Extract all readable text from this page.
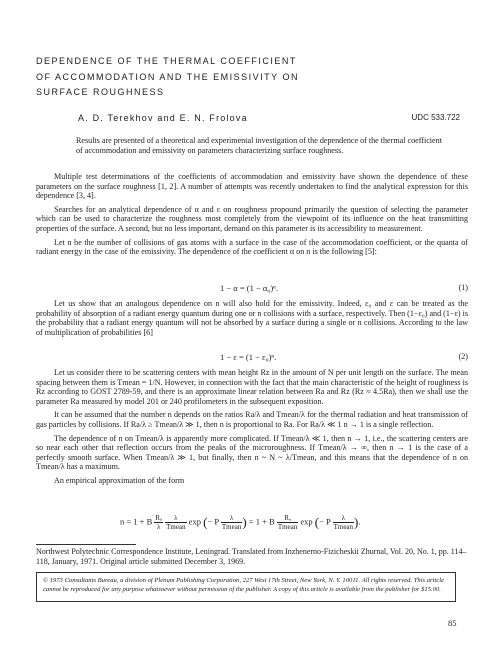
DEPENDENCE OF THE THERMAL COEFFICIENT
OF ACCOMMODATION AND THE EMISSIVITY ON
SURFACE ROUGHNESS
A. D. Terekhov and E. N. Frolova	UDC 533.722
Results are presented of a theoretical and experimental investigation of the dependence of the thermal coefficient of accommodation and emissivity on parameters characterizing surface roughness.

Multiple test determinations of the coefficients of accommodation and emissivity have shown the dependence of these parameters on the surface roughness [1, 2]. A number of attempts was recently undertaken to find the analytical expression for this dependence [3, 4].

Searches for an analytical dependence of α and ε on roughness propound primarily the question of selecting the parameter which can be used to characterize the roughness most completely from the viewpoint of its influence on the heat transmitting properties of the surface. A second, but no less important, demand on this parameter is its accessibility to measurement.

Let n be the number of collisions of gas atoms with a surface in the case of the accommodation coefficient, or the quanta of radiant energy in the case of the emissivity. The dependence of the coefficient α on n is the following [5]:

1 − α = (1 − α₀)ⁿ.	(1)

Let us show that an analogous dependence on n will also hold for the emissivity. Indeed, ε₀ and ε can be treated as the probability of absorption of a radiant energy quantum during one or n collisions with a surface, respectively. Then (1−ε₀) and (1−ε) is the probability that a radiant energy quantum will not be absorbed by a surface during a single or n collisions. According to the law of multiplication of probabilities [6]

1 − ε = (1 − ε₀)ⁿ.	(2)

Let us consider there to be scattering centers with mean height Rz in the amount of N per unit length on the surface. The mean spacing between them is Tmean = 1/N. However, in connection with the fact that the main characteristic of the height of roughness is Rz according to GOST 2789-59, and there is an approximate linear relation between Ra and Rz (Rz ≈ 4.5Ra), then we shall use the parameter Ra measured by model 201 or 240 profilometers in the subsequent exposition.

It can be assumed that the number n depends on the ratios Ra/λ and Tmean/λ for the thermal radiation and heat transmission of gas particles by collisions. If Ra/λ ≥ Tmean/λ ≫ 1, then n is proportional to Ra. For Ra/λ ≪ 1 n → 1 is a single reflection.

The dependence of n on Tmean/λ is apparently more complicated. If Tmean/λ ≪ 1, then n → 1, i.e., the scattering centers are so near each other that reflection occurs from the peaks of the microroughness. If Tmean/λ → ∞, then n → 1 is the case of a perfectly smooth surface. When Tmean/λ ≫ 1, but finally, then n ~ N ~ λ/Tmean, and this means that the dependence of n on Tmean/λ has a maximum.

An empirical approximation of the form

n = 1 + B $\frac{\text{Rₐ}}{\lambda}$
$\frac{\lambda}{\text{Tmean}}$ exp (− P $\frac{\lambda}{\text{Tmean}}$ ) = 1 + B $\frac{\text{Rₐ}}{\text{Tmean}}$ exp (− P $\frac{\lambda}{\text{Tmean}}$ ).
Northwest Polytechnic Correspondence Institute, Leningrad. Translated from Inzhenerno-Fizicheskii Zhurnal, Vol. 20, No. 1, pp. 114–118, January, 1971. Original article submitted December 3, 1969.
© 1973 Consultants Bureau, a division of Plenum Publishing Corporation, 227 West 17th Street, New York, N. Y. 10011. All rights reserved. This article cannot be reproduced for any purpose whatsoever without permission of the publisher. A copy of this article is available from the publisher for $15.00.
85
